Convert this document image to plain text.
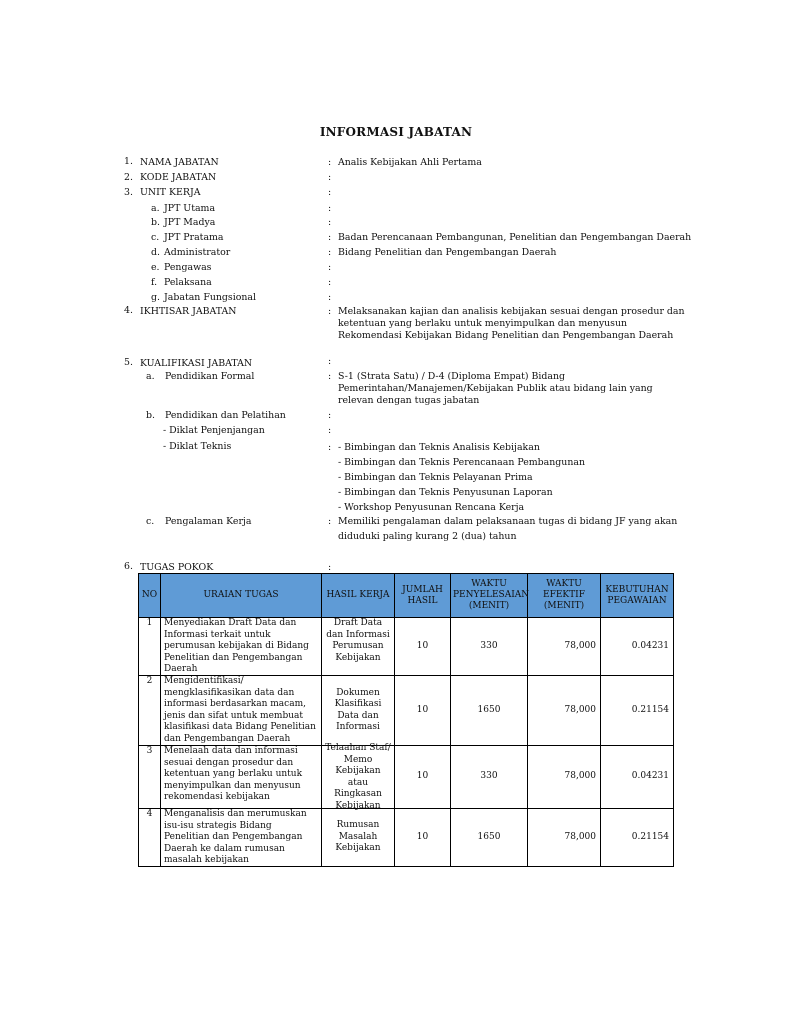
INFORMASI JABATAN
1. NAMA JABATAN	: Analis Kebijakan Ahli Pertama
2. KODE JABATAN	:
3. UNIT KERJA	:
a. JPT Utama	:
b. JPT Madya	:
c. JPT Pratama	: Badan Perencanaan Pembangunan, Penelitian dan Pengembangan Daerah
d. Administrator	: Bidang Penelitian dan Pengembangan Daerah
e. Pengawas	:
f. Pelaksana	:
g. Jabatan Fungsional	:
4. IKHTISAR JABATAN	: Melaksanakan kajian dan analisis kebijakan sesuai dengan prosedur dan
ketentuan yang berlaku untuk menyimpulkan dan menyusun
Rekomendasi Kebijakan Bidang Penelitian dan Pengembangan Daerah
5. KUALIFIKASI JABATAN	:
a. Pendidikan Formal	: S-1 (Strata Satu) / D-4 (Diploma Empat) Bidang
Pemerintahan/Manajemen/Kebijakan Publik atau bidang lain yang
relevan dengan tugas jabatan
b. Pendidikan dan Pelatihan	:
- Diklat Penjenjangan	:
- Diklat Teknis	: - Bimbingan dan Teknis Analisis Kebijakan
- Bimbingan dan Teknis Perencanaan Pembangunan
- Bimbingan dan Teknis Pelayanan Prima
- Bimbingan dan Teknis Penyusunan Laporan
- Workshop Penyusunan Rencana Kerja
c. Pengalaman Kerja	: Memiliki pengalaman dalam pelaksanaan tugas di bidang JF yang akan
diduduki paling kurang 2 (dua) tahun
6. TUGAS POKOK	:
NO	URAIAN TUGAS	HASIL KERJA	JUMLAH HASIL	WAKTU PENYELESAIAN (MENIT)	WAKTU EFEKTIF (MENIT)	KEBUTUHAN PEGAWAIAN
1	Menyediakan Draft Data dan Informasi terkait untuk perumusan kebijakan di Bidang Penelitian dan Pengembangan Daerah	Draft Data dan Informasi Perumusan Kebijakan	10	330	78,000	0.04231
2	Mengidentifikasi/ mengklasifikasikan data dan informasi berdasarkan macam, jenis dan sifat untuk membuat klasifikasi data Bidang Penelitian dan Pengembangan Daerah	Dokumen Klasifikasi Data dan Informasi	10	1650	78,000	0.21154
3	Menelaah data dan informasi sesuai dengan prosedur dan ketentuan yang berlaku untuk menyimpulkan dan menyusun rekomendasi kebijakan	Telaahan Staf/ Memo Kebijakan atau Ringkasan Kebijakan	10	330	78,000	0.04231
4	Menganalisis dan merumuskan isu-isu strategis Bidang Penelitian dan Pengembangan Daerah ke dalam rumusan masalah kebijakan	Rumusan Masalah Kebijakan	10	1650	78,000	0.21154
